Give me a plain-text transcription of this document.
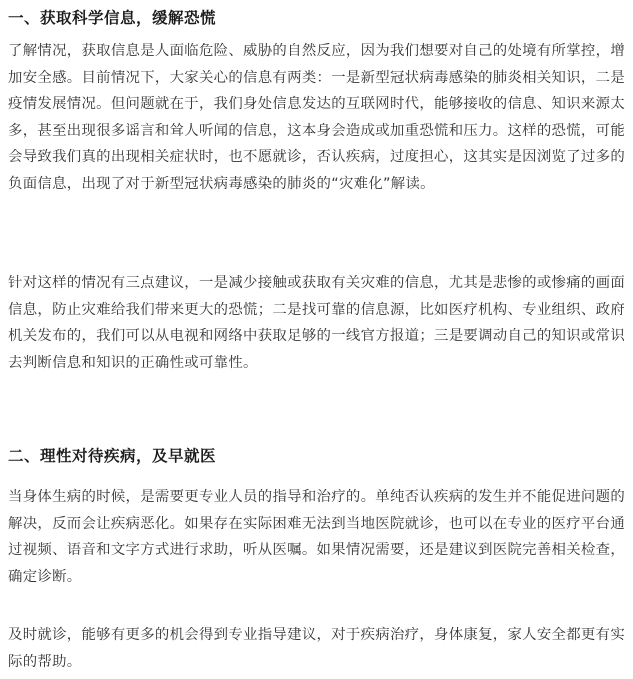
一、获取科学信息，缓解恐慌

了解情况，获取信息是人面临危险、威胁的自然反应，因为我们想要对自己的处境有所掌控，增加安全感。目前情况下，大家关心的信息有两类：一是新型冠状病毒感染的肺炎相关知识，二是疫情发展情况。但问题就在于，我们身处信息发达的互联网时代，能够接收的信息、知识来源太多，甚至出现很多谣言和耸人听闻的信息，这本身会造成或加重恐慌和压力。这样的恐慌，可能会导致我们真的出现相关症状时，也不愿就诊，否认疾病，过度担心，这其实是因浏览了过多的负面信息，出现了对于新型冠状病毒感染的肺炎的“灾难化”解读。

针对这样的情况有三点建议，一是减少接触或获取有关灾难的信息，尤其是悲惨的或惨痛的画面信息，防止灾难给我们带来更大的恐慌；二是找可靠的信息源，比如医疗机构、专业组织、政府机关发布的，我们可以从电视和网络中获取足够的一线官方报道；三是要调动自己的知识或常识去判断信息和知识的正确性或可靠性。

二、理性对待疾病，及早就医

当身体生病的时候，是需要更专业人员的指导和治疗的。单纯否认疾病的发生并不能促进问题的解决，反而会让疾病恶化。如果存在实际困难无法到当地医院就诊，也可以在专业的医疗平台通过视频、语音和文字方式进行求助，听从医嘱。如果情况需要，还是建议到医院完善相关检查，确定诊断。

及时就诊，能够有更多的机会得到专业指导建议，对于疾病治疗，身体康复，家人安全都更有实际的帮助。
